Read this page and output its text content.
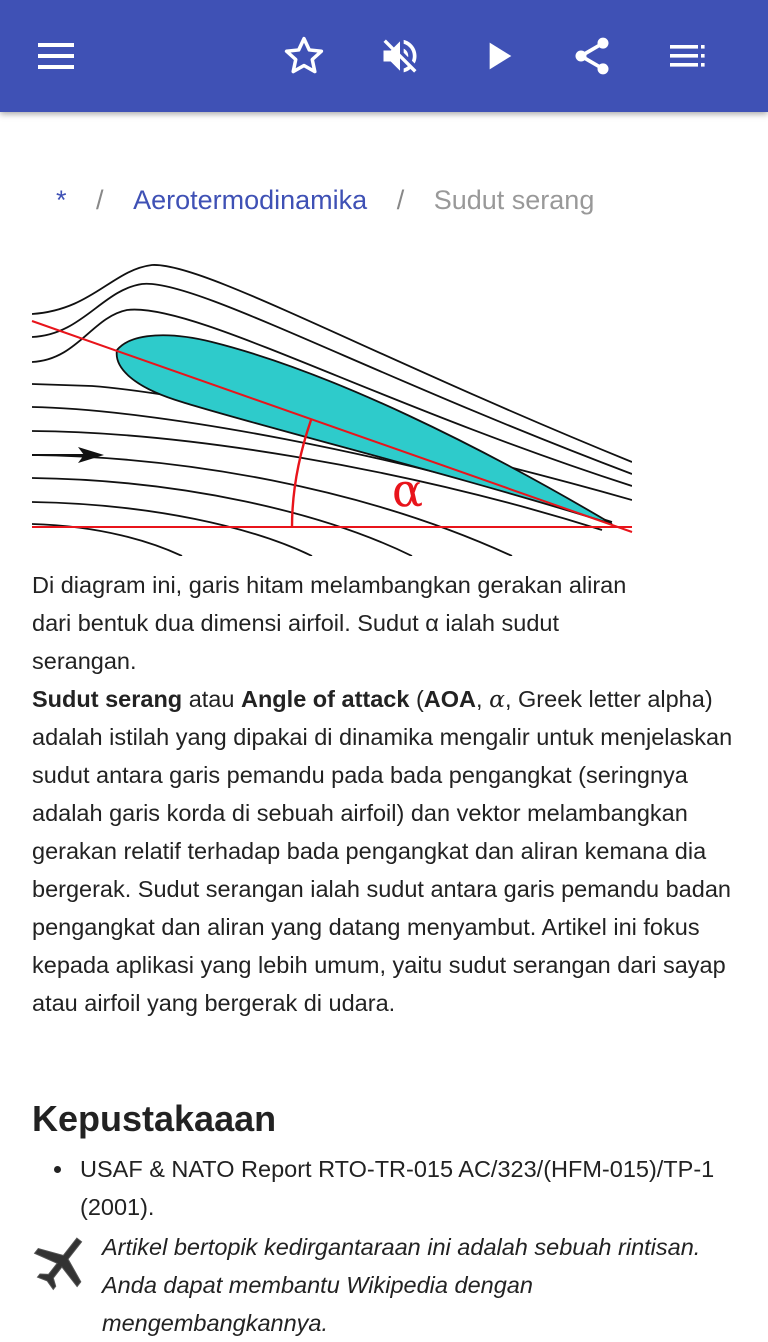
* / Aerotermodinamika / Sudut serang
α
Di diagram ini, garis hitam melambangkan gerakan aliran dari bentuk dua dimensi airfoil. Sudut α ialah sudut serangan.
Sudut serang atau Angle of attack (AOA, α, Greek letter alpha) adalah istilah yang dipakai di dinamika mengalir untuk menjelaskan sudut antara garis pemandu pada bada pengangkat (seringnya adalah garis korda di sebuah airfoil) dan vektor melambangkan gerakan relatif terhadap bada pengangkat dan aliran kemana dia bergerak. Sudut serangan ialah sudut antara garis pemandu badan pengangkat dan aliran yang datang menyambut. Artikel ini fokus kepada aplikasi yang lebih umum, yaitu sudut serangan dari sayap atau airfoil yang bergerak di udara.
Kepustakaaan
USAF & NATO Report RTO-TR-015 AC/323/(HFM-015)/TP-1 (2001).
Artikel bertopik kedirgantaraan ini adalah sebuah rintisan. Anda dapat membantu Wikipedia dengan mengembangkannya.
